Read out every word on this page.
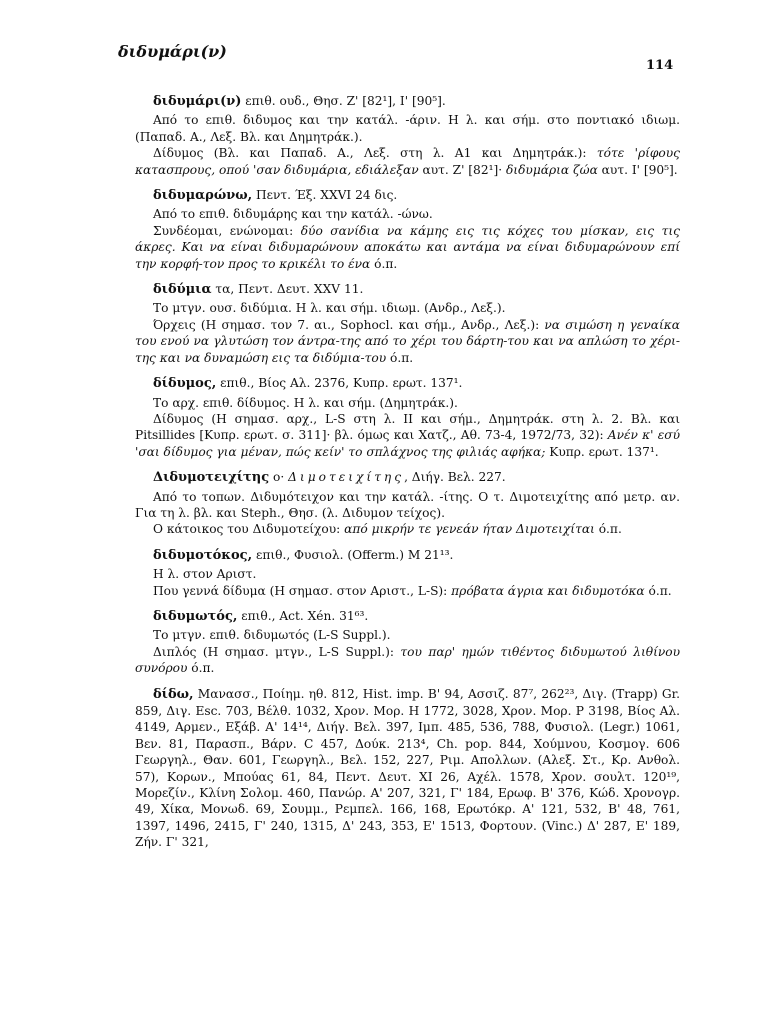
διδυμάρι(ν)
114
διδυμάρι(ν) επιθ. ουδ., Θησ. Ζ' [82¹], Ι' [90⁵].
Από το επιθ. διδυμος και την κατάλ. -άριν. Η λ. και σήμ. στο ποντιακό ιδιωμ. (Παπαδ. Α., Λεξ. Βλ. και Δημητράκ.).
Δίδυμος (Βλ. και Παπαδ. Α., Λεξ. στη λ. Α1 και Δημητράκ.): τότε 'ρίφους κατασπρους, οπού 'σαν διδυμάρια, εδιάλεξαν αυτ. Ζ' [82¹]· διδυμάρια ζώα αυτ. Ι' [90⁵].
διδυμαρώνω, Πεντ. Έξ. XXVI 24 δις.
Από το επιθ. διδυμάρης και την κατάλ. -ώνω.
Συνδέομαι, ενώνομαι: δύο σανίδια να κάμης εις τις κόχες του μίσκαν, εις τις άκρες. Και να είναι διδυμαρώνουν αποκάτω και αντάμα να είναι διδυμαρώνουν επί την κορφή-τον προς το κρικέλι το ένα ό.π.
διδύμια τα, Πεντ. Δευτ. XXV 11.
Το μτγν. ουσ. διδύμια. Η λ. και σήμ. ιδιωμ. (Ανδρ., Λεξ.).
Όρχεις (Η σημασ. τον 7. αι., Sophocl. και σήμ., Ανδρ., Λεξ.): να σιμώση η γεναίκα του ενού να γλυτώση τον άντρα-της από το χέρι του δάρτη-του και να απλώση το χέρι-της και να δυναμώση εις τα διδύμια-του ό.π.
δίδυμος, επιθ., Βίος Αλ. 2376, Κυπρ. ερωτ. 137¹.
Το αρχ. επιθ. δίδυμος. Η λ. και σήμ. (Δημητράκ.).
Δίδυμος (Η σημασ. αρχ., L-S στη λ. ΙΙ και σήμ., Δημητράκ. στη λ. 2. Βλ. και Pitsillides [Κυπρ. ερωτ. σ. 311]· βλ. όμως και Χατζ., Αθ. 73-4, 1972/73, 32): Ανέν κ' εσύ 'σαι δίδυμος για μέναν, πώς κείν' το σπλάχνος της φιλιάς αφήκα; Κυπρ. ερωτ. 137¹.
Διδυμοτειχίτης ο· Διμοτειχίτης, Διήγ. Βελ. 227.
Από το τοπων. Διδυμότειχον και την κατάλ. -ίτης. Ο τ. Διμοτειχίτης από μετρ. αν. Για τη λ. βλ. και Steph., Θησ. (λ. Διδυμον τείχος).
Ο κάτοικος του Διδυμοτείχου: από μικρήν τε γενεάν ήταν Διμοτειχίται ό.π.
διδυμοτόκος, επιθ., Φυσιολ. (Offerm.) Μ 21¹³.
Η λ. στον Αριστ.
Που γεννά δίδυμα (Η σημασ. στον Αριστ., L-S): πρόβατα άγρια και διδυμοτόκα ό.π.
διδυμωτός, επιθ., Act. Xén. 31⁶³.
Το μτγν. επιθ. διδυμωτός (L-S Suppl.).
Διπλός (Η σημασ. μτγν., L-S Suppl.): του παρ' ημών τιθέντος διδυμωτού λιθίνου συνόρου ό.π.
δίδω, Μανασσ., Ποίημ. ηθ. 812, Hist. imp. Β' 94, Ασσιζ. 87⁷, 262²³, Διγ. (Trapp) Gr. 859, Διγ. Esc. 703, Βέλθ. 1032, Χρον. Μορ. Η 1772, 3028, Χρον. Μορ. Ρ 3198, Βίος Αλ. 4149, Αρμεν., Εξάβ. Α' 14¹⁴, Διήγ. Βελ. 397, Ιμπ. 485, 536, 788, Φυσιολ. (Legr.) 1061, Βεν. 81, Παρασπ., Βάρν. C 457, Δούκ. 213⁴, Ch. pop. 844, Χούμνου, Κοσμογ. 606 Γεωργηλ., Θαν. 601, Γεωργηλ., Βελ. 152, 227, Ριμ. Απολλων. (Αλεξ. Στ., Κρ. Ανθολ. 57), Κορων., Μπούας 61, 84, Πεντ. Δευτ. ΧΙ 26, Αχέλ. 1578, Χρον. σουλτ. 120¹⁹, Μορεζίν., Κλίνη Σολομ. 460, Πανώρ. Α' 207, 321, Γ' 184, Ερωφ. Β' 376, Κώδ. Χρονογρ. 49, Χίκα, Μονωδ. 69, Σουμμ., Ρεμπελ. 166, 168, Ερωτόκρ. Α' 121, 532, Β' 48, 761, 1397, 1496, 2415, Γ' 240, 1315, Δ' 243, 353, Ε' 1513, Φορτουν. (Vinc.) Δ' 287, Ε' 189, Ζήν. Γ' 321,
